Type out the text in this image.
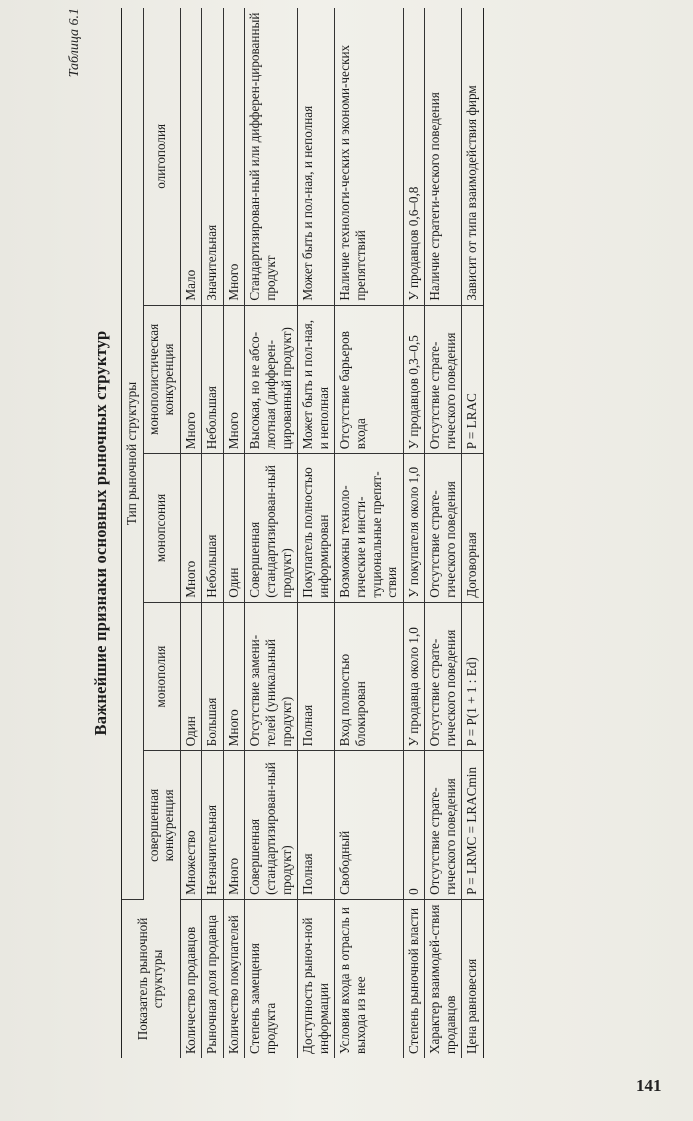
Таблица 6.1
Важнейшие признаки основных рыночных структур
Показатель рыночной структуры	Тип рыночной структуры				
	совершенная конкуренция	монополия	монопсония	монополистическая конкуренция	олигополия
Количество продавцов	Множество	Один	Много	Много	Мало
Рыночная доля продавца	Незначительная	Большая	Небольшая	Небольшая	Значительная
Количество покупателей	Много	Много	Один	Много	Много
Степень замещения продукта	Совершенная (стандартизирован-ный продукт)	Отсутствие замени-телей (уникальный продукт)	Совершенная (стандартизирован-ный продукт)	Высокая, но не абсо-лютная (дифферен-цированный продукт)	Стандартизирован-ный или дифферен-цированный продукт
Доступность рыноч-ной информации	Полная	Полная	Покупатель полностью информирован	Может быть и пол-ная, и неполная	Может быть и пол-ная, и неполная
Условия входа в отрасль и выхода из нее	Свободный	Вход полностью блокирован	Возможны техноло-гические и инсти-туциональные препят-ствия	Отсутствие барьеров входа	Наличие технологи-ческих и экономи-ческих препятствий
Степень рыночной власти	0	У продавца около 1,0	У покупателя около 1,0	У продавцов 0,3–0,5	У продавцов 0,6–0,8
Характер взаимодей-ствия продавцов	Отсутствие страте-гического поведения	Отсутствие страте-гического поведения	Отсутствие страте-гического поведения	Отсутствие страте-гического поведения	Наличие стратеги-ческого поведения
Цена равновесия	P = LRMC = LRACmin	P = P(1 + 1 : Ed)	Договорная	P = LRAC	Зависит от типа взаимодействия фирм
141
